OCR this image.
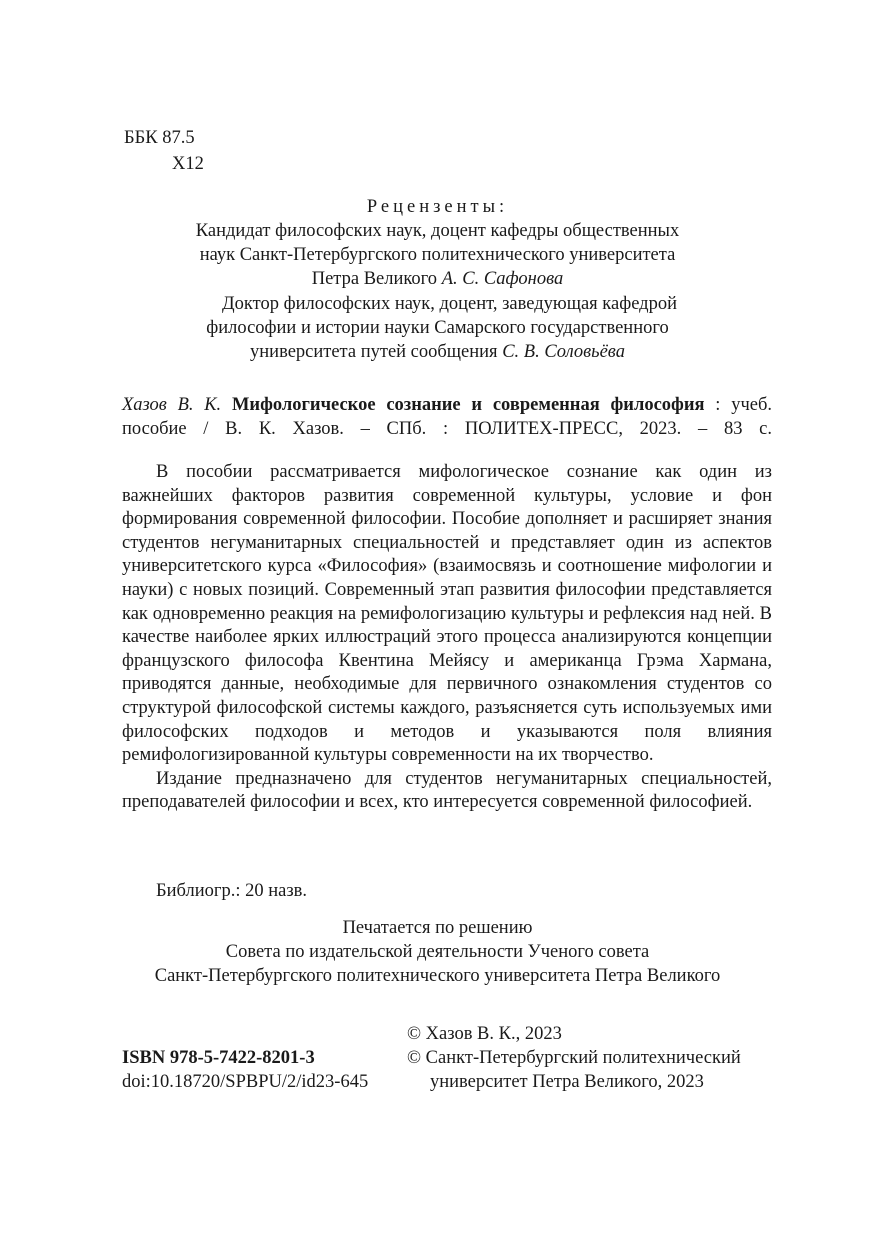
ББК 87.5
Х12
Рецензенты:
Кандидат философских наук, доцент кафедры общественных
наук Санкт-Петербургского политехнического университета
Петра Великого А. С. Сафонова
Доктор философских наук, доцент, заведующая кафедрой
философии и истории науки Самарского государственного
университета путей сообщения С. В. Соловьёва
Хазов В. К. Мифологическое сознание и современная философия : учеб. пособие / В. К. Хазов. – СПб. : ПОЛИТЕХ-ПРЕСС, 2023. – 83 с.

В пособии рассматривается мифологическое сознание как один из важнейших факторов развития современной культуры, условие и фон формирования современной философии. Пособие дополняет и расширяет знания студентов негуманитарных специальностей и представляет один из аспектов университетского курса «Философия» (взаимосвязь и соотношение мифологии и науки) с новых позиций. Современный этап развития философии представляется как одновременно реакция на ремифологизацию культуры и рефлексия над ней. В качестве наиболее ярких иллюстраций этого процесса анализируются концепции французского философа Квентина Мейясу и американца Грэма Хармана, приводятся данные, необходимые для первичного ознакомления студентов со структурой философской системы каждого, разъясняется суть используемых ими философских подходов и методов и указываются поля влияния ремифологизированной культуры современности на их творчество.

Издание предназначено для студентов негуманитарных специальностей, преподавателей философии и всех, кто интересуется современной философией.

Библиогр.: 20 назв.
Печатается по решению
Совета по издательской деятельности Ученого совета
Санкт-Петербургского политехнического университета Петра Великого
ISBN 978-5-7422-8201-3
doi:10.18720/SPBPU/2/id23-645
© Хазов В. К., 2023
© Санкт-Петербургский политехнический
университет Петра Великого, 2023
